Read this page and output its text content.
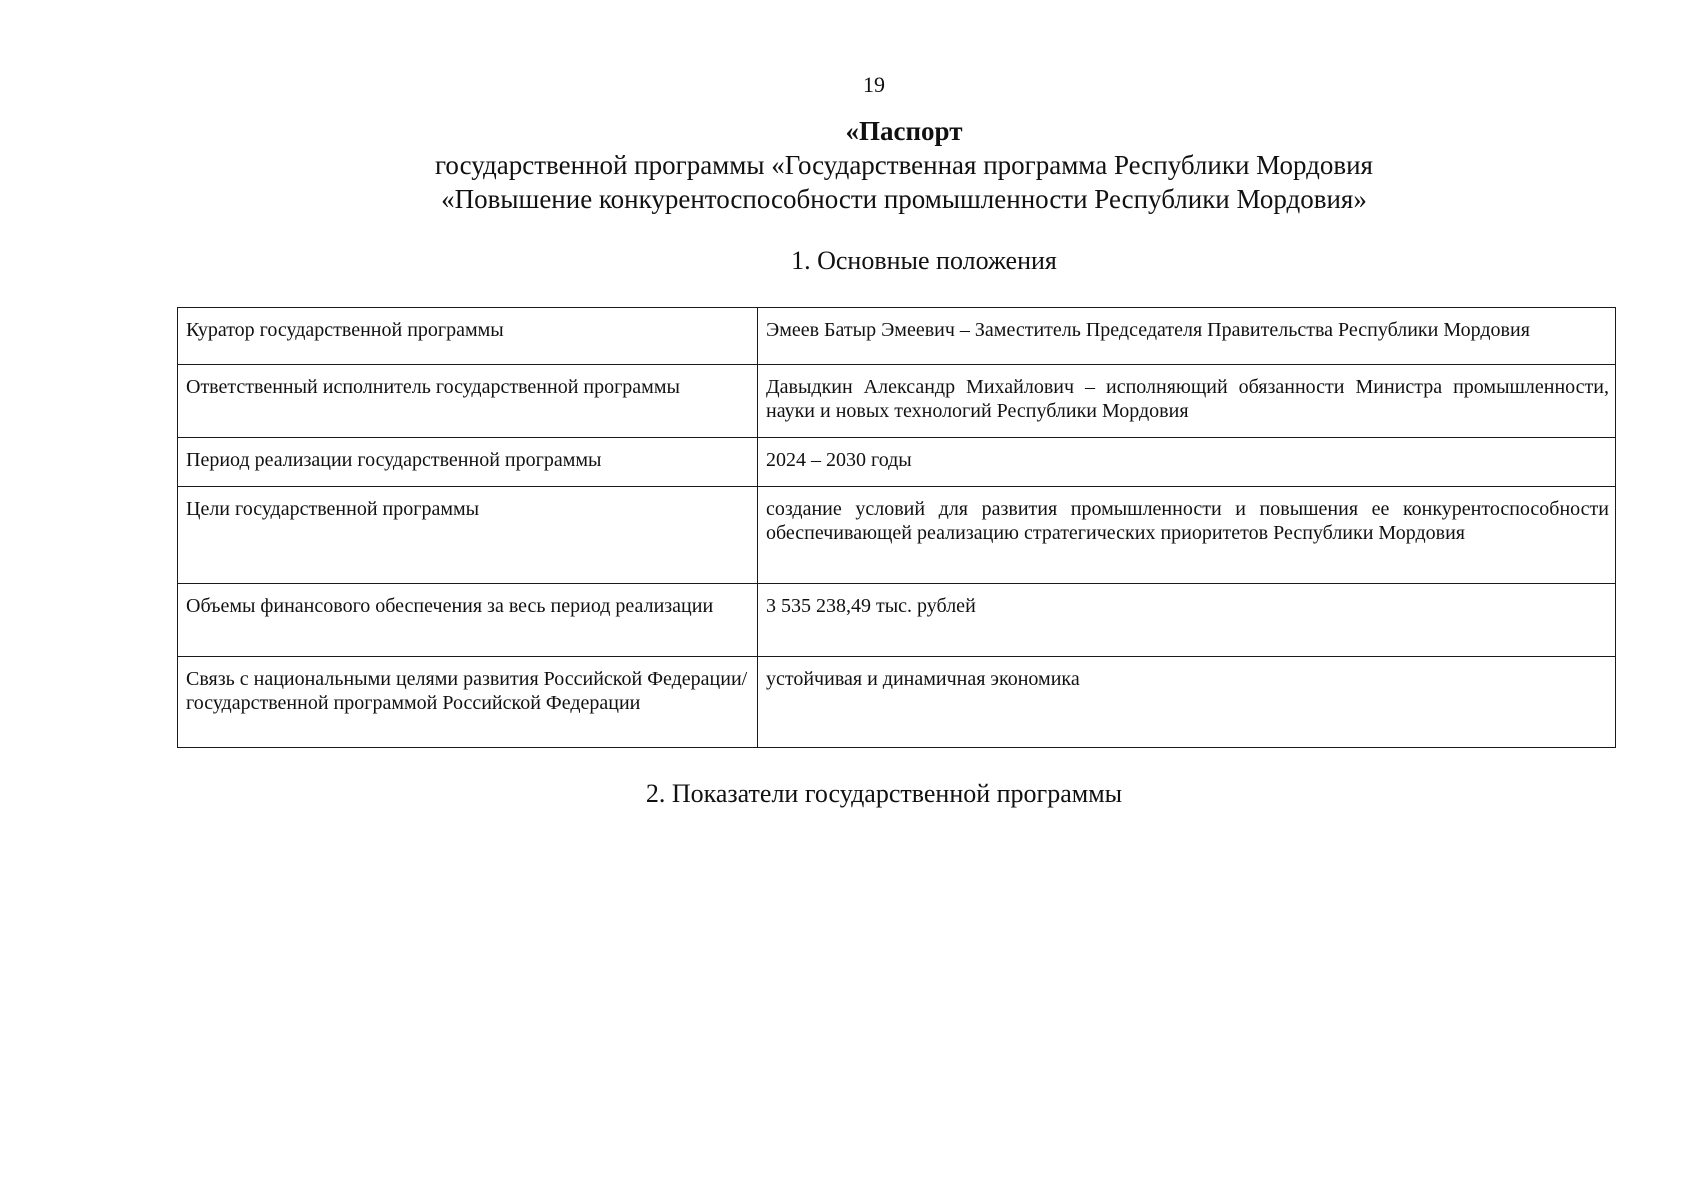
19
«Паспорт
государственной программы «Государственная программа Республики Мордовия
«Повышение конкурентоспособности промышленности Республики Мордовия»
1. Основные положения
Куратор государственной программы	Эмеев Батыр Эмеевич – Заместитель Председателя Правительства Республики Мордовия
Ответственный исполнитель государственной программы	Давыдкин Александр Михайлович – исполняющий обязанности Министра промышленности, науки и новых технологий Республики Мордовия
Период реализации государственной программы	2024 – 2030 годы
Цели государственной программы	создание условий для развития промышленности и повышения ее конкурентоспособности обеспечивающей реализацию стратегических приоритетов Республики Мордовия
Объемы финансового обеспечения за весь период реализации	3 535 238,49 тыс. рублей
Связь с национальными целями развития Российской Федерации/государственной программой Российской Федерации	устойчивая и динамичная экономика
2. Показатели государственной программы
